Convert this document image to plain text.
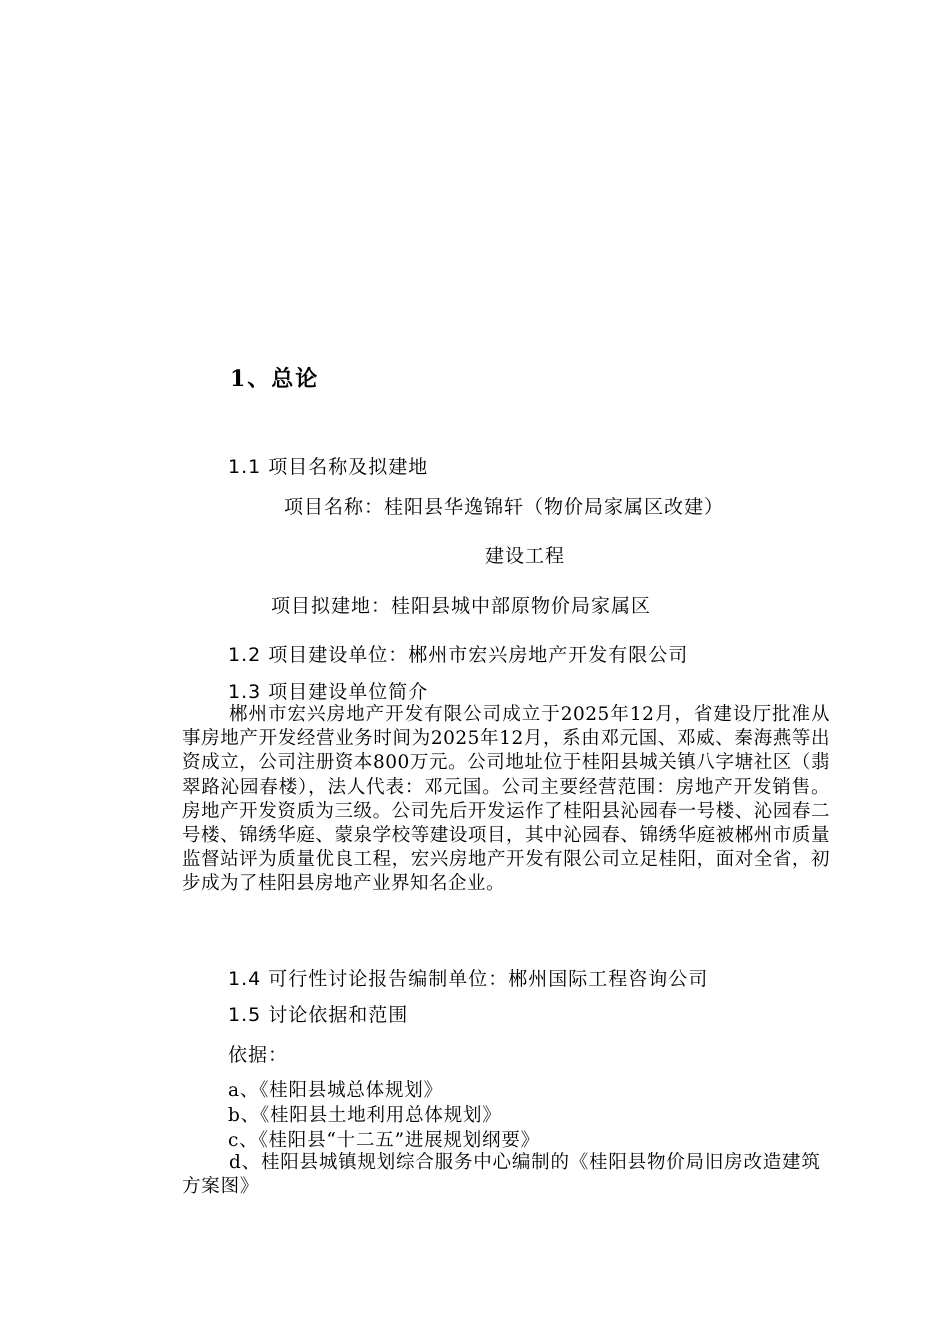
1、总论
1.1 项目名称及拟建地
项目名称：桂阳县华逸锦轩（物价局家属区改建）
建设工程
项目拟建地：桂阳县城中部原物价局家属区
1.2 项目建设单位：郴州市宏兴房地产开发有限公司
1.3 项目建设单位简介
郴州市宏兴房地产开发有限公司成立于2025年12月，省建设厅批准从事房地产开发经营业务时间为2025年12月，系由邓元国、邓威、秦海燕等出资成立，公司注册资本800万元。公司地址位于桂阳县城关镇八字塘社区（翡翠路沁园春楼），法人代表：邓元国。公司主要经营范围：房地产开发销售。房地产开发资质为三级。公司先后开发运作了桂阳县沁园春一号楼、沁园春二号楼、锦绣华庭、蒙泉学校等建设项目，其中沁园春、锦绣华庭被郴州市质量监督站评为质量优良工程，宏兴房地产开发有限公司立足桂阳，面对全省，初步成为了桂阳县房地产业界知名企业。
1.4 可行性讨论报告编制单位：郴州国际工程咨询公司
1.5 讨论依据和范围
依据：
a、《桂阳县城总体规划》
b、《桂阳县土地利用总体规划》
c、《桂阳县“十二五”进展规划纲要》
d、桂阳县城镇规划综合服务中心编制的《桂阳县物价局旧房改造建筑方案图》
